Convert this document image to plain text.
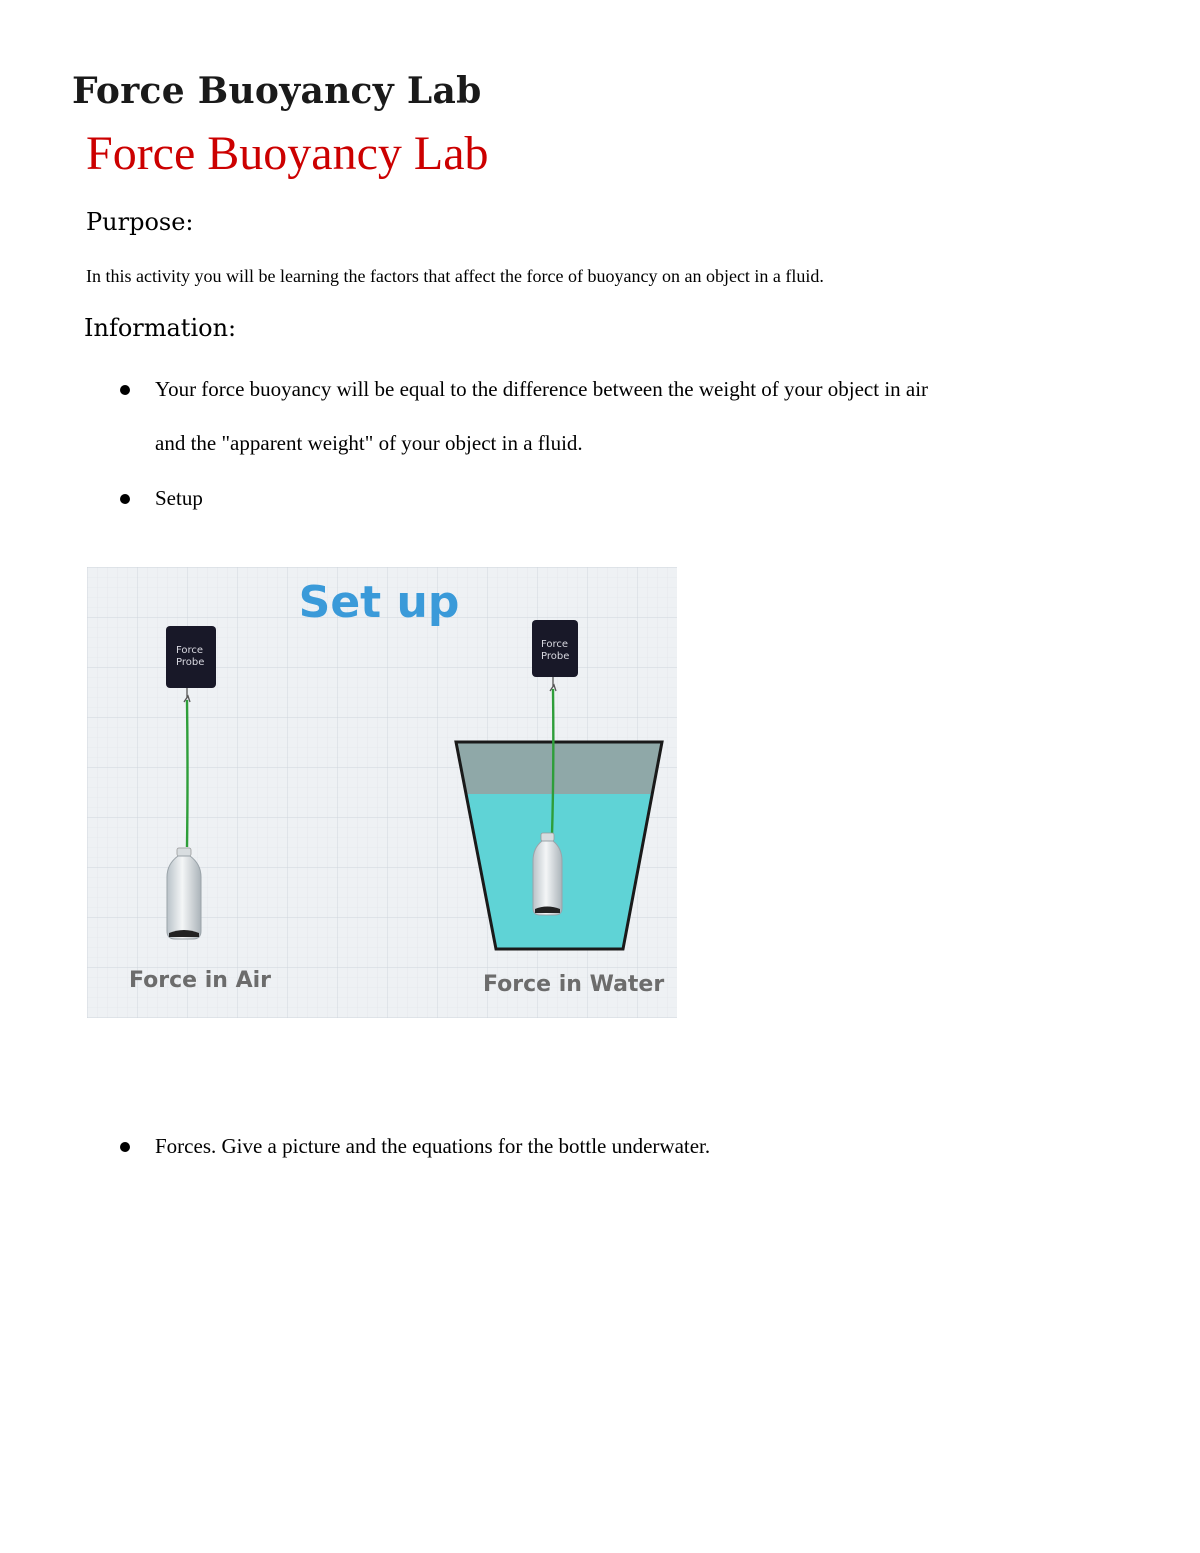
Force Buoyancy Lab
Force Buoyancy Lab
Purpose:

In this activity you will be learning the factors that affect the force of buoyancy on an object in a fluid.

Information:

Your force buoyancy will be equal to the difference between the weight of your object in air

and the "apparent weight" of your object in a fluid.

Setup

Set up
Force
Probe
Force in Air
Force
Probe
Force in Water

Forces. Give a picture and the equations for the bottle underwater.
